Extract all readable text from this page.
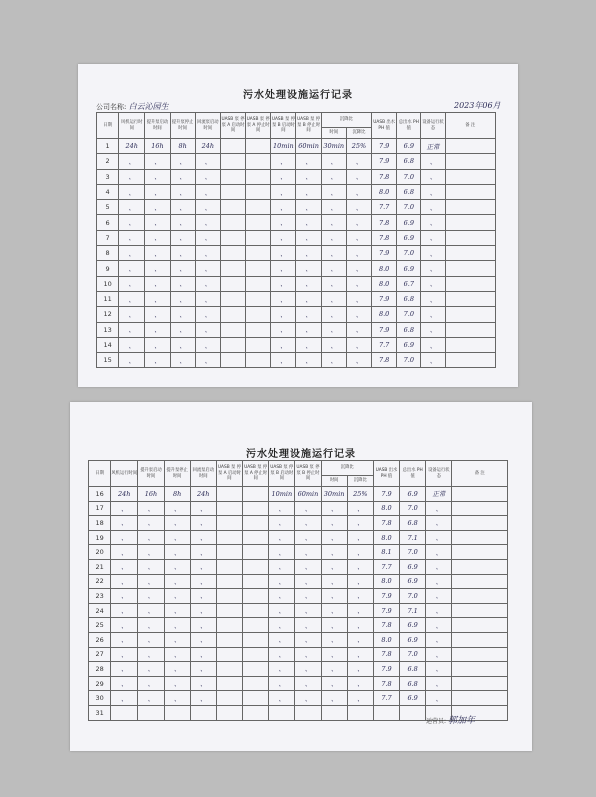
污水处理设施运行记录
公司名称: 白云沁园生	2023年06月
日期	风机运行时间	提升泵启动时间	提升泵停止时间	回流泵启动时间	UASB 泵 停泵 A 启动时间	UASB 泵 停泵 A 停止时间	UASB 泵 停泵 B 启动时间	UASB 泵 停泵 B 停止时间	沉降比		UASB 出水 PH 值	总出水 PH 值	设备运行状态	备 注
									时间	沉降比				
1	24h	16h	8h	24h			10min	60min	30min	25%	7.9	6.9	正常	
2	、	、	、	、			、	、	、	、	7.9	6.8	、	
3	、	、	、	、			、	、	、	、	7.8	7.0	、	
4	、	、	、	、			、	、	、	、	8.0	6.8	、	
5	、	、	、	、			、	、	、	、	7.7	7.0	、	
6	、	、	、	、			、	、	、	、	7.8	6.9	、	
7	、	、	、	、			、	、	、	、	7.8	6.9	、	
8	、	、	、	、			、	、	、	、	7.9	7.0	、	
9	、	、	、	、			、	、	、	、	8.0	6.9	、	
10	、	、	、	、			、	、	、	、	8.0	6.7	、	
11	、	、	、	、			、	、	、	、	7.9	6.8	、	
12	、	、	、	、			、	、	、	、	8.0	7.0	、	
13	、	、	、	、			、	、	、	、	7.9	6.8	、	
14	、	、	、	、			、	、	、	、	7.7	6.9	、	
15	、	、	、	、			、	、	、	、	7.8	7.0	、	
污水处理设施运行记录
日期	风机运行时间	提升泵启动时间	提升泵停止时间	回流泵启动时间	UASB 泵 停泵 A 启动时间	UASB 泵 停泵 A 停止时间	UASB 泵 停泵 B 启动时间	UASB 泵 停泵 B 停止时间	沉降比		UASB 出水 PH 值	总出水 PH 值	设备运行状态	备 注
									时间	沉降比				
16	24h	16h	8h	24h			10min	60min	30min	25%	7.9	6.9	正常	
17	、	、	、	、			、	、	、	、	8.0	7.0	、	
18	、	、	、	、			、	、	、	、	7.8	6.8	、	
19	、	、	、	、			、	、	、	、	8.0	7.1	、	
20	、	、	、	、			、	、	、	、	8.1	7.0	、	
21	、	、	、	、			、	、	、	、	7.7	6.9	、	
22	、	、	、	、			、	、	、	、	8.0	6.9	、	
23	、	、	、	、			、	、	、	、	7.9	7.0	、	
24	、	、	、	、			、	、	、	、	7.9	7.1	、	
25	、	、	、	、			、	、	、	、	7.8	6.9	、	
26	、	、	、	、			、	、	、	、	8.0	6.9	、	
27	、	、	、	、			、	、	、	、	7.8	7.0	、	
28	、	、	、	、			、	、	、	、	7.9	6.8	、	
29	、	、	、	、			、	、	、	、	7.8	6.8	、	
30	、	、	、	、			、	、	、	、	7.7	6.9	、	
31														
运营员: 郭加年
